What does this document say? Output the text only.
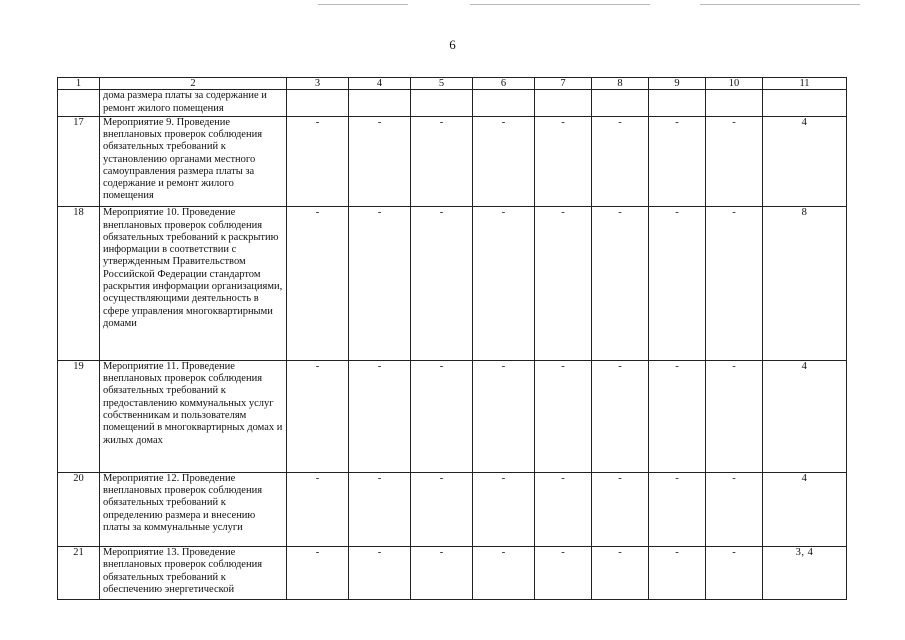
6
1	2	3	4	5	6	7	8	9	10	11
	дома размера платы за содержание и ремонт жилого помещения									
17	Мероприятие 9. Проведение внеплановых проверок соблюдения обязательных требований к установлению органами местного самоуправления размера платы за содержание и ремонт жилого помещения	-	-	-	-	-	-	-	-	4
18	Мероприятие 10. Проведение внеплановых проверок соблюдения обязательных требований к раскрытию информации в соответствии с утвержденным Правительством Российской Федерации стандартом раскрытия информации организациями, осуществляющими деятельность в сфере управления многоквартирными домами	-	-	-	-	-	-	-	-	8
19	Мероприятие 11. Проведение внеплановых проверок соблюдения обязательных требований к предоставлению коммунальных услуг собственникам и пользователям помещений в многоквартирных домах и жилых домах	-	-	-	-	-	-	-	-	4
20	Мероприятие 12. Проведение внеплановых проверок соблюдения обязательных требований к определению размера и внесению платы за коммунальные услуги	-	-	-	-	-	-	-	-	4
21	Мероприятие 13. Проведение внеплановых проверок соблюдения обязательных требований к обеспечению энергетической	-	-	-	-	-	-	-	-	3, 4
